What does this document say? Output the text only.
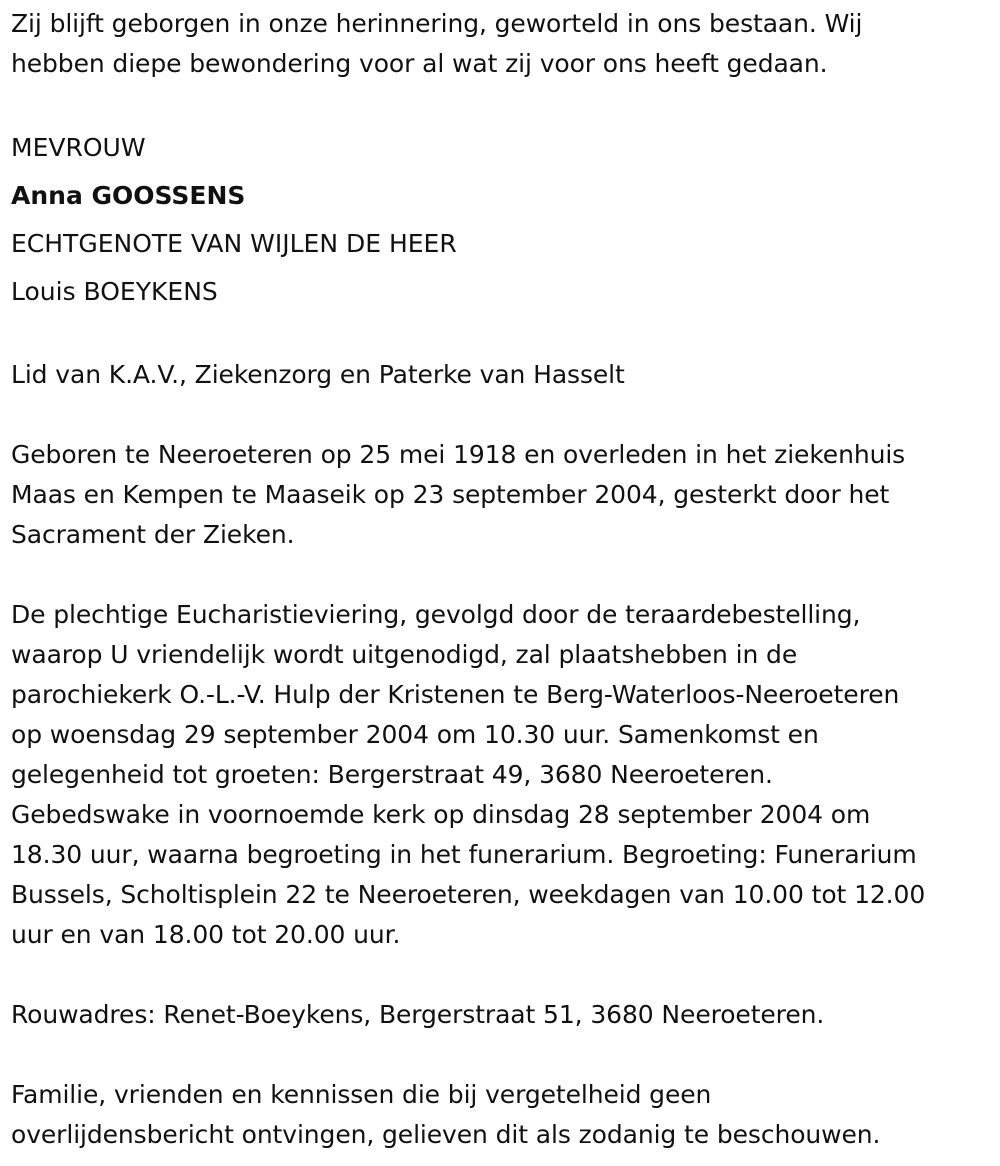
Zij blijft geborgen in onze herinnering, geworteld in ons bestaan. Wij
hebben diepe bewondering voor al wat zij voor ons heeft gedaan.
MEVROUW
Anna GOOSSENS
ECHTGENOTE VAN WIJLEN DE HEER
Louis BOEYKENS
Lid van K.A.V., Ziekenzorg en Paterke van Hasselt
Geboren te Neeroeteren op 25 mei 1918 en overleden in het ziekenhuis
Maas en Kempen te Maaseik op 23 september 2004, gesterkt door het
Sacrament der Zieken.
De plechtige Eucharistieviering, gevolgd door de teraardebestelling,
waarop U vriendelijk wordt uitgenodigd, zal plaatshebben in de
parochiekerk O.-L.-V. Hulp der Kristenen te Berg-Waterloos-Neeroeteren
op woensdag 29 september 2004 om 10.30 uur. Samenkomst en
gelegenheid tot groeten: Bergerstraat 49, 3680 Neeroeteren.
Gebedswake in voornoemde kerk op dinsdag 28 september 2004 om
18.30 uur, waarna begroeting in het funerarium. Begroeting: Funerarium
Bussels, Scholtisplein 22 te Neeroeteren, weekdagen van 10.00 tot 12.00
uur en van 18.00 tot 20.00 uur.
Rouwadres: Renet-Boeykens, Bergerstraat 51, 3680 Neeroeteren.
Familie, vrienden en kennissen die bij vergetelheid geen
overlijdensbericht ontvingen, gelieven dit als zodanig te beschouwen.
